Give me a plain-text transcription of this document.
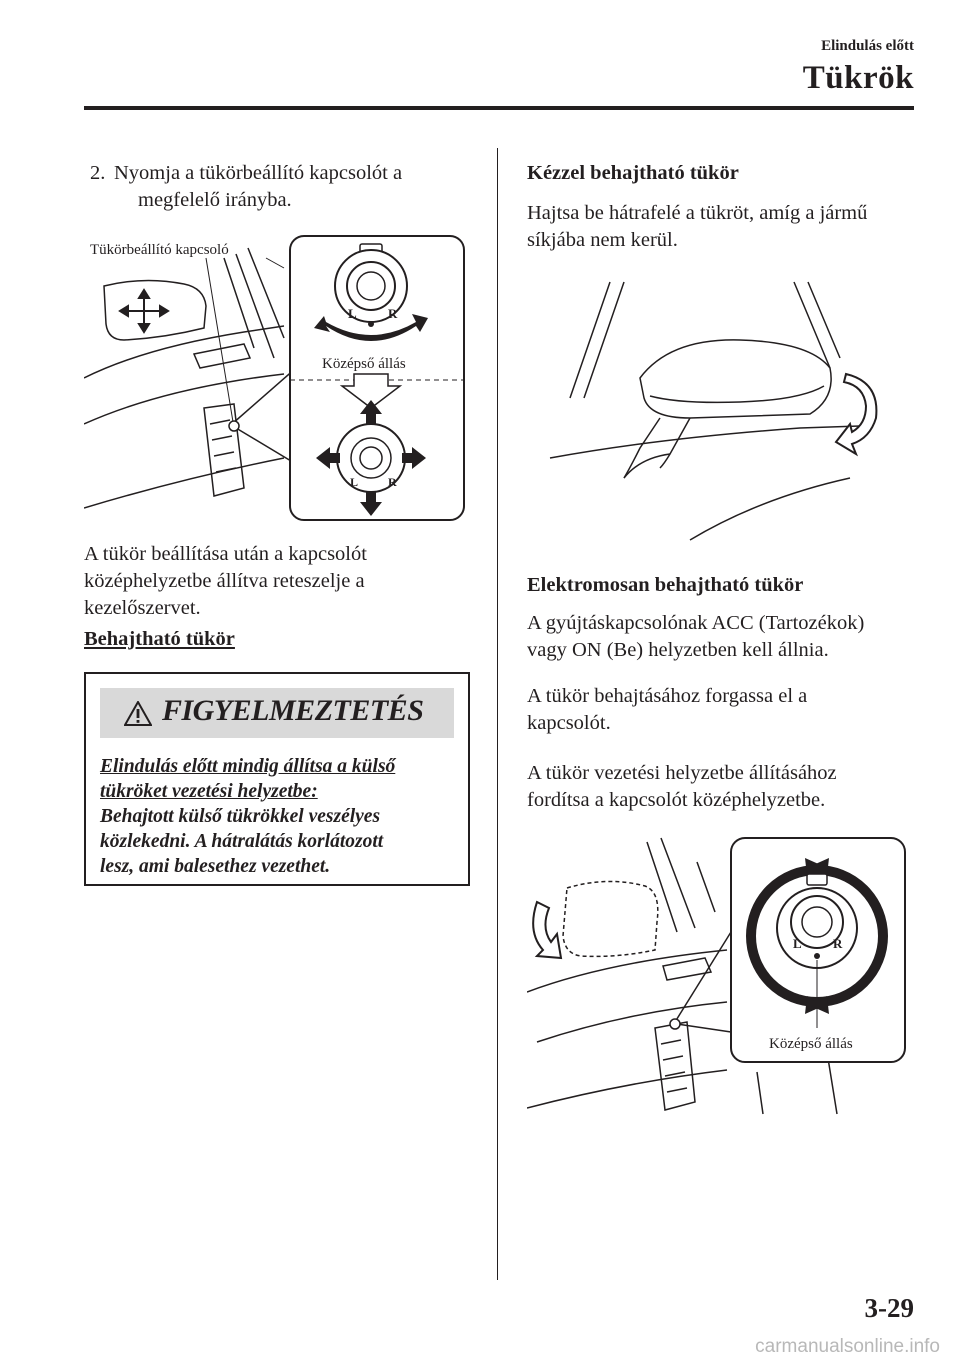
Elindulás előtt
Tükrök
2. Nyomja a tükörbeállító kapcsolót a
megfelelő irányba.
Tükörbeállító kapcsoló
L R
Középső állás
L R
A tükör beállítása után a kapcsolót
középhelyzetbe állítva reteszelje a
kezelőszervet.
Behajtható tükör
FIGYELMEZTETÉS
Elindulás előtt mindig állítsa a külső
tükröket vezetési helyzetbe:
Behajtott külső tükrökkel veszélyes
közlekedni. A hátralátás korlátozott
lesz, ami balesethez vezethet.
Kézzel behajtható tükör
Hajtsa be hátrafelé a tükröt, amíg a jármű
síkjába nem kerül.
Elektromosan behajtható tükör
A gyújtáskapcsolónak ACC (Tartozékok)
vagy ON (Be) helyzetben kell állnia.
A tükör behajtásához forgassa el a
kapcsolót.
A tükör vezetési helyzetbe állításához
fordítsa a kapcsolót középhelyzetbe.
L R
Középső állás
3-29
carmanualsonline.info
